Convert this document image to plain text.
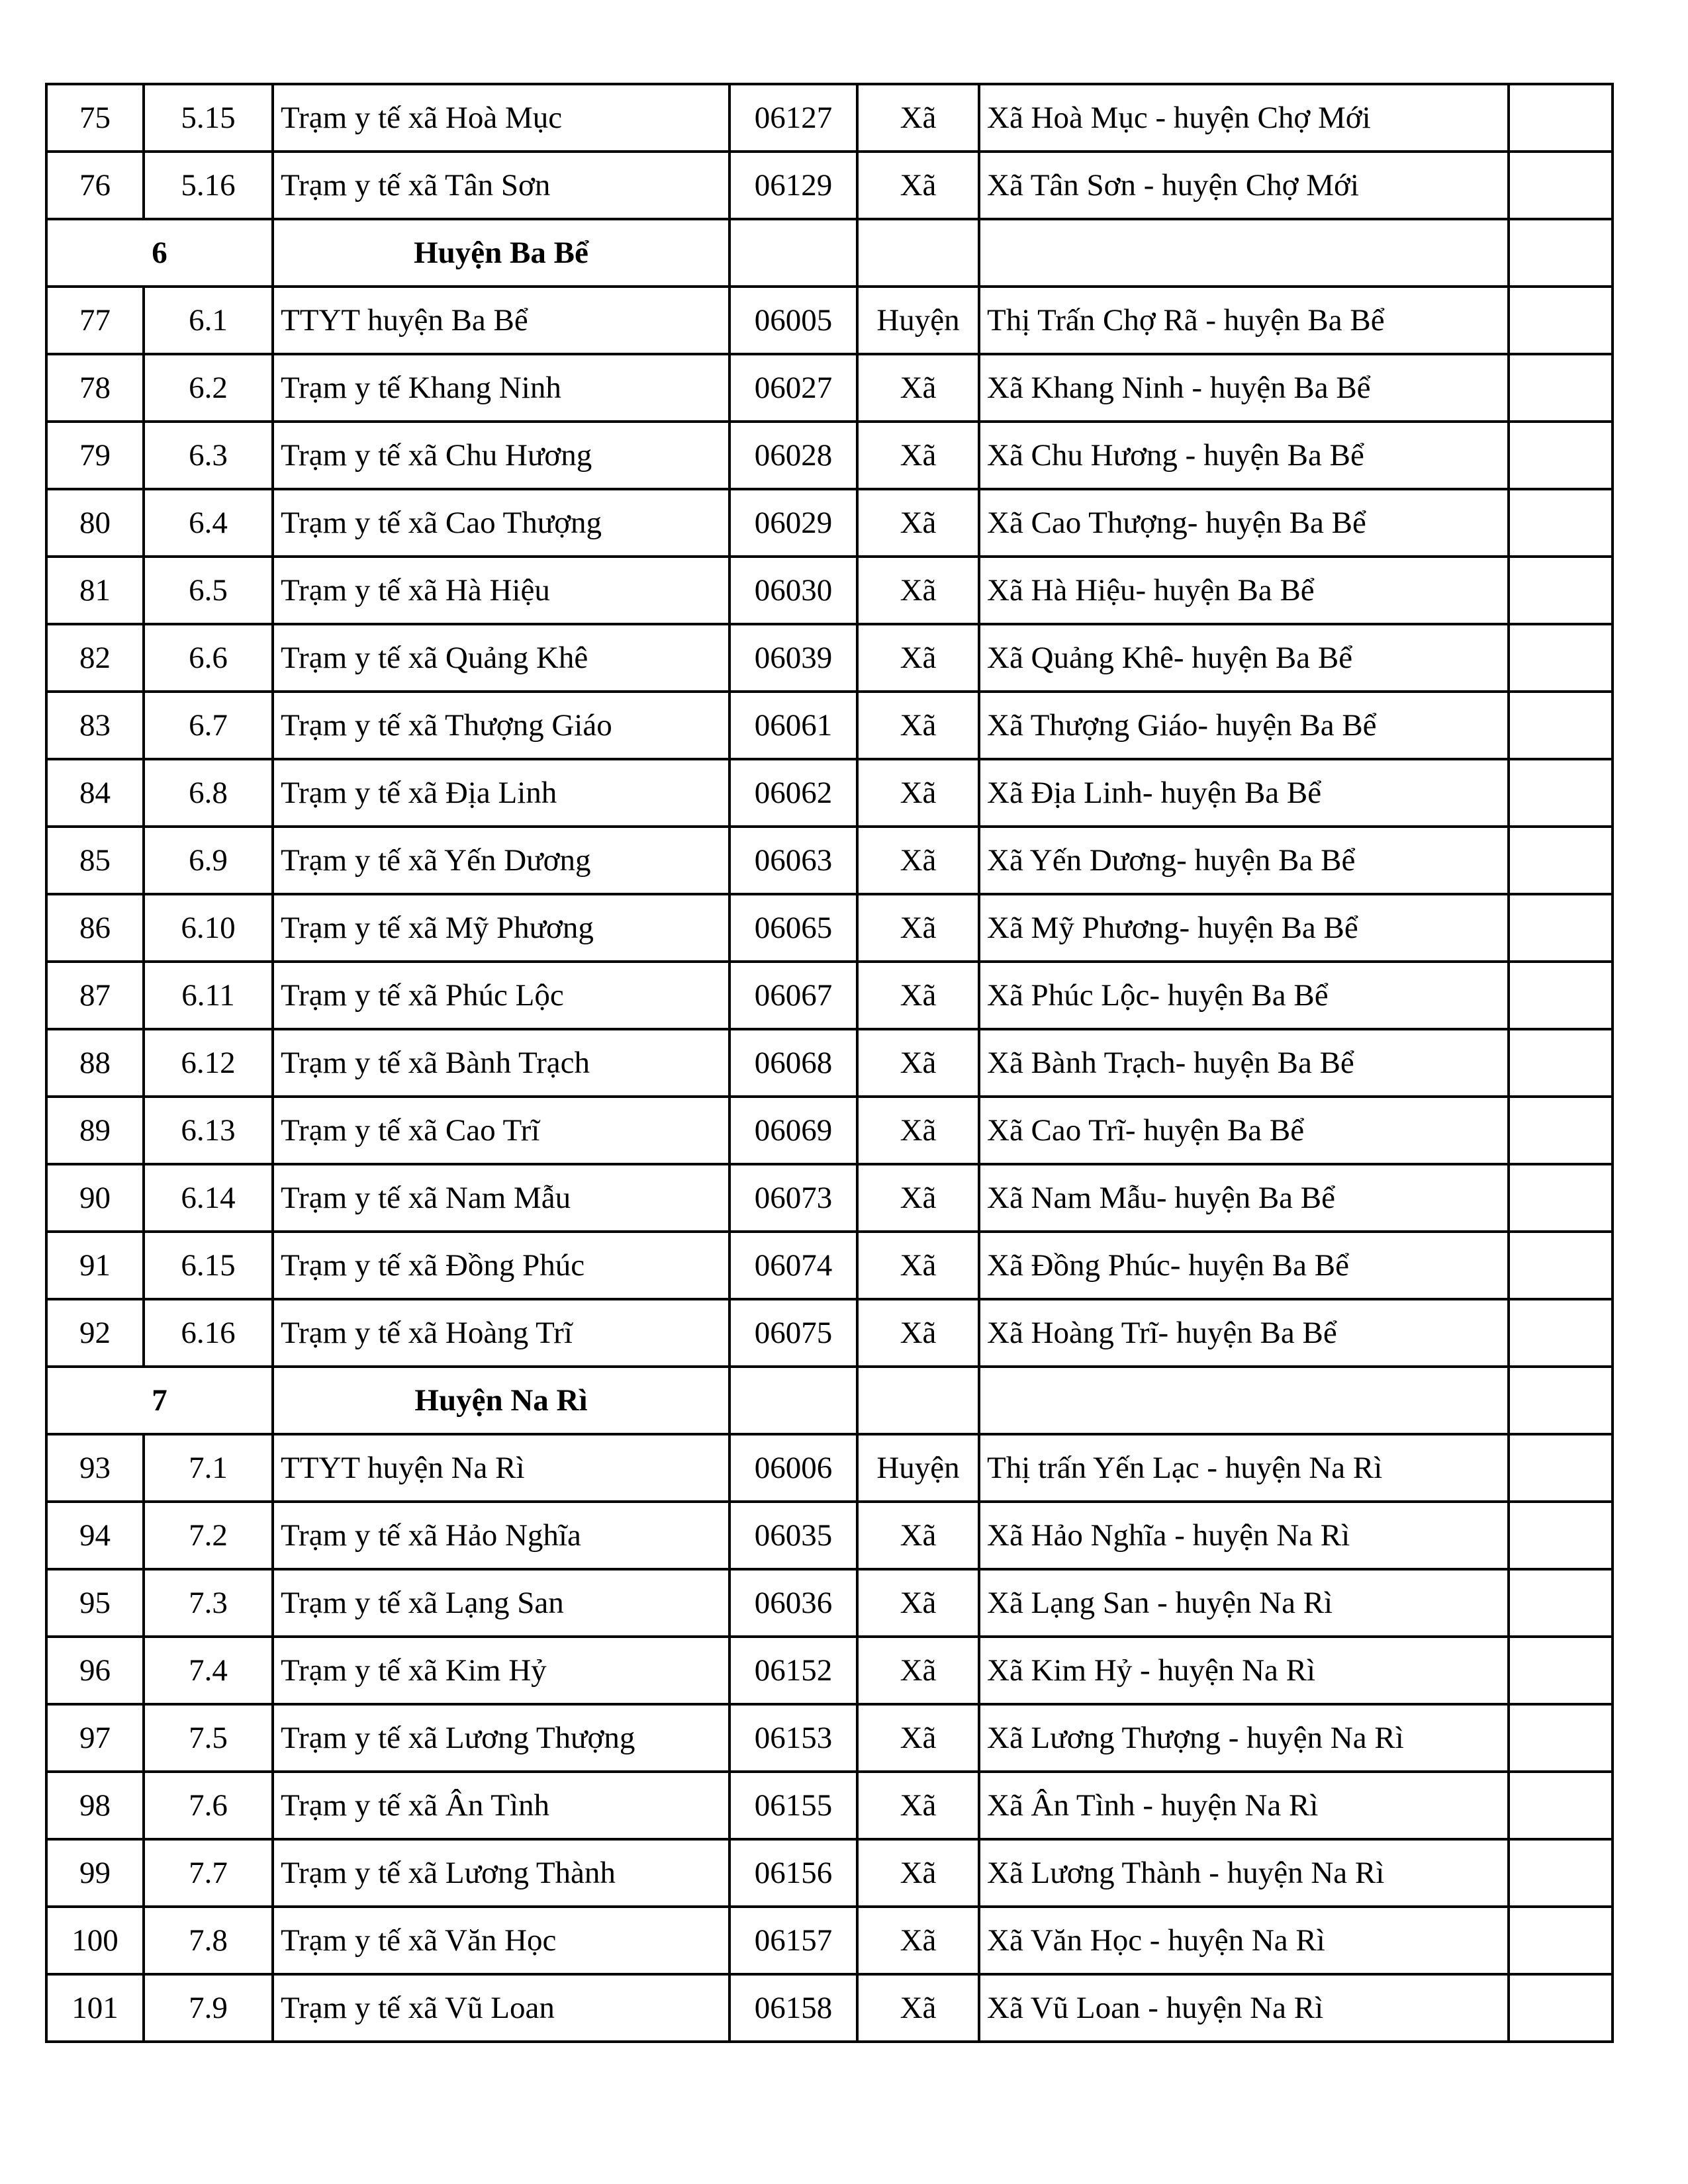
75	5.15	Trạm y tế xã Hoà Mục	06127	Xã	Xã Hoà Mục - huyện Chợ Mới	
76	5.16	Trạm y tế xã Tân Sơn	06129	Xã	Xã Tân Sơn - huyện Chợ Mới	
6		Huyện Ba Bể				
77	6.1	TTYT huyện Ba Bể	06005	Huyện	Thị Trấn Chợ Rã - huyện Ba Bể	
78	6.2	Trạm y tế Khang Ninh	06027	Xã	Xã Khang Ninh - huyện Ba Bể	
79	6.3	Trạm y tế xã Chu Hương	06028	Xã	Xã Chu Hương - huyện Ba Bể	
80	6.4	Trạm y tế xã Cao Thượng	06029	Xã	Xã Cao Thượng- huyện Ba Bể	
81	6.5	Trạm y tế xã Hà Hiệu	06030	Xã	Xã Hà Hiệu- huyện Ba Bể	
82	6.6	Trạm y tế xã Quảng Khê	06039	Xã	Xã Quảng Khê- huyện Ba Bể	
83	6.7	Trạm y tế xã Thượng Giáo	06061	Xã	Xã Thượng Giáo- huyện Ba Bể	
84	6.8	Trạm y tế xã Địa Linh	06062	Xã	Xã Địa Linh- huyện Ba Bể	
85	6.9	Trạm y tế xã Yến Dương	06063	Xã	Xã Yến Dương- huyện Ba Bể	
86	6.10	Trạm y tế xã Mỹ Phương	06065	Xã	Xã Mỹ Phương- huyện Ba Bể	
87	6.11	Trạm y tế xã Phúc Lộc	06067	Xã	Xã Phúc Lộc- huyện Ba Bể	
88	6.12	Trạm y tế xã Bành Trạch	06068	Xã	Xã Bành Trạch- huyện Ba Bể	
89	6.13	Trạm y tế xã Cao Trĩ	06069	Xã	Xã Cao Trĩ- huyện Ba Bể	
90	6.14	Trạm y tế xã Nam Mẫu	06073	Xã	Xã Nam Mẫu- huyện Ba Bể	
91	6.15	Trạm y tế xã Đồng Phúc	06074	Xã	Xã Đồng Phúc- huyện Ba Bể	
92	6.16	Trạm y tế xã Hoàng Trĩ	06075	Xã	Xã Hoàng Trĩ- huyện Ba Bể	
7		Huyện Na Rì				
93	7.1	TTYT huyện Na Rì	06006	Huyện	Thị trấn Yến Lạc - huyện Na Rì	
94	7.2	Trạm y tế xã Hảo Nghĩa	06035	Xã	Xã Hảo Nghĩa - huyện Na Rì	
95	7.3	Trạm y tế xã Lạng San	06036	Xã	Xã Lạng San - huyện Na Rì	
96	7.4	Trạm y tế xã Kim Hỷ	06152	Xã	Xã Kim Hỷ - huyện Na Rì	
97	7.5	Trạm y tế xã Lương Thượng	06153	Xã	Xã Lương Thượng - huyện Na Rì	
98	7.6	Trạm y tế xã Ân Tình	06155	Xã	Xã Ân Tình - huyện Na Rì	
99	7.7	Trạm y tế xã Lương Thành	06156	Xã	Xã Lương Thành - huyện Na Rì	
100	7.8	Trạm y tế xã Văn Học	06157	Xã	Xã Văn Học - huyện Na Rì	
101	7.9	Trạm y tế xã Vũ Loan	06158	Xã	Xã Vũ Loan - huyện Na Rì	
